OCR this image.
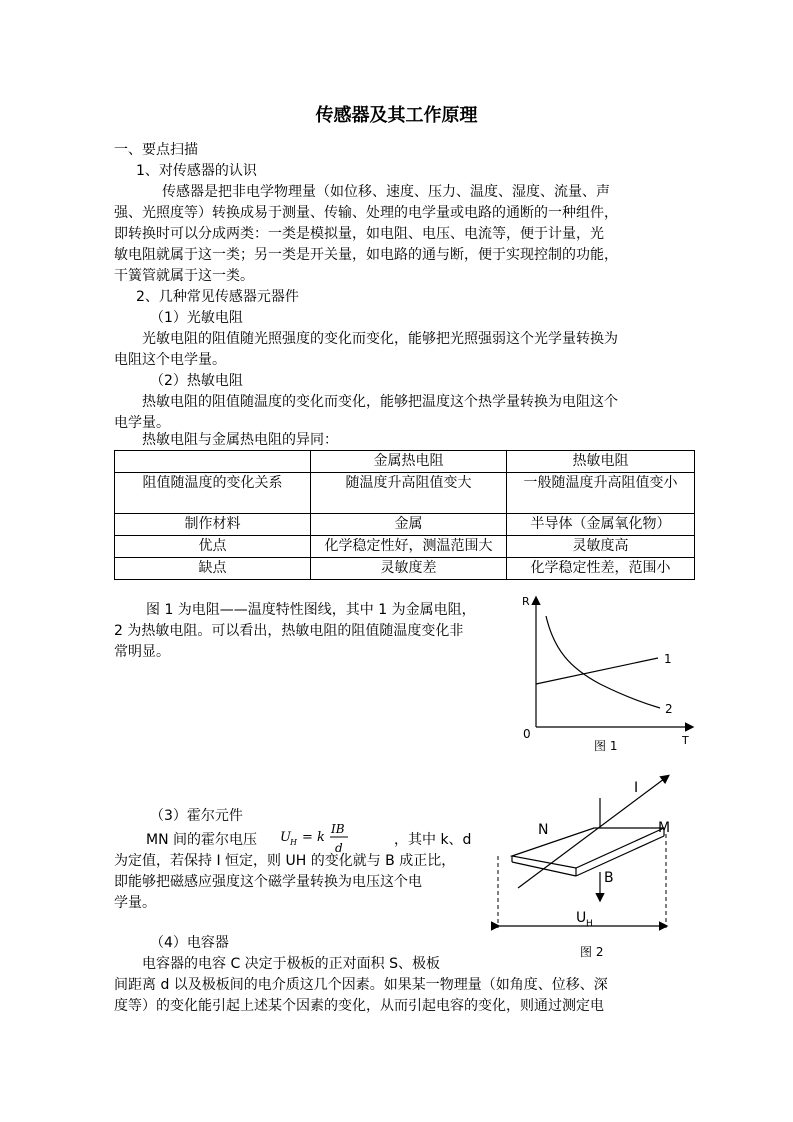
传感器及其工作原理
一、要点扫描
1、对传感器的认识
传感器是把非电学物理量（如位移、速度、压力、温度、湿度、流量、声
强、光照度等）转换成易于测量、传输、处理的电学量或电路的通断的一种组件，
即转换时可以分成两类：一类是模拟量，如电阻、电压、电流等，便于计量，光
敏电阻就属于这一类；另一类是开关量，如电路的通与断，便于实现控制的功能，
干簧管就属于这一类。
2、几种常见传感器元器件
（1）光敏电阻
光敏电阻的阻值随光照强度的变化而变化，能够把光照强弱这个光学量转换为
电阻这个电学量。
（2）热敏电阻
热敏电阻的阻值随温度的变化而变化，能够把温度这个热学量转换为电阻这个
电学量。
热敏电阻与金属热电阻的异同：
	金属热电阻	热敏电阻
阻值随温度的变化关系	随温度升高阻值变大	一般随温度升高阻值变小
制作材料	金属	半导体（金属氧化物）
优点	化学稳定性好，测温范围大	灵敏度高
缺点	灵敏度差	化学稳定性差，范围小
图 1 为电阻——温度特性图线，其中 1 为金属电阻，
2 为热敏电阻。可以看出，热敏电阻的阻值随温度变化非
常明显。
R
T
0
1
2
图 1
（3）霍尔元件
MN 间的霍尔电压 U H = k
IB
d	，其中 k、d
为定值，若保持 I 恒定，则 UH 的变化就与 B 成正比，
即能够把磁感应强度这个磁学量转换为电压这个电
学量。
N	M
I
B
U H
图 2
（4）电容器
电容器的电容 C 决定于极板的正对面积 S、极板
间距离 d 以及极板间的电介质这几个因素。如果某一物理量（如角度、位移、深
度等）的变化能引起上述某个因素的变化，从而引起电容的变化，则通过测定电
